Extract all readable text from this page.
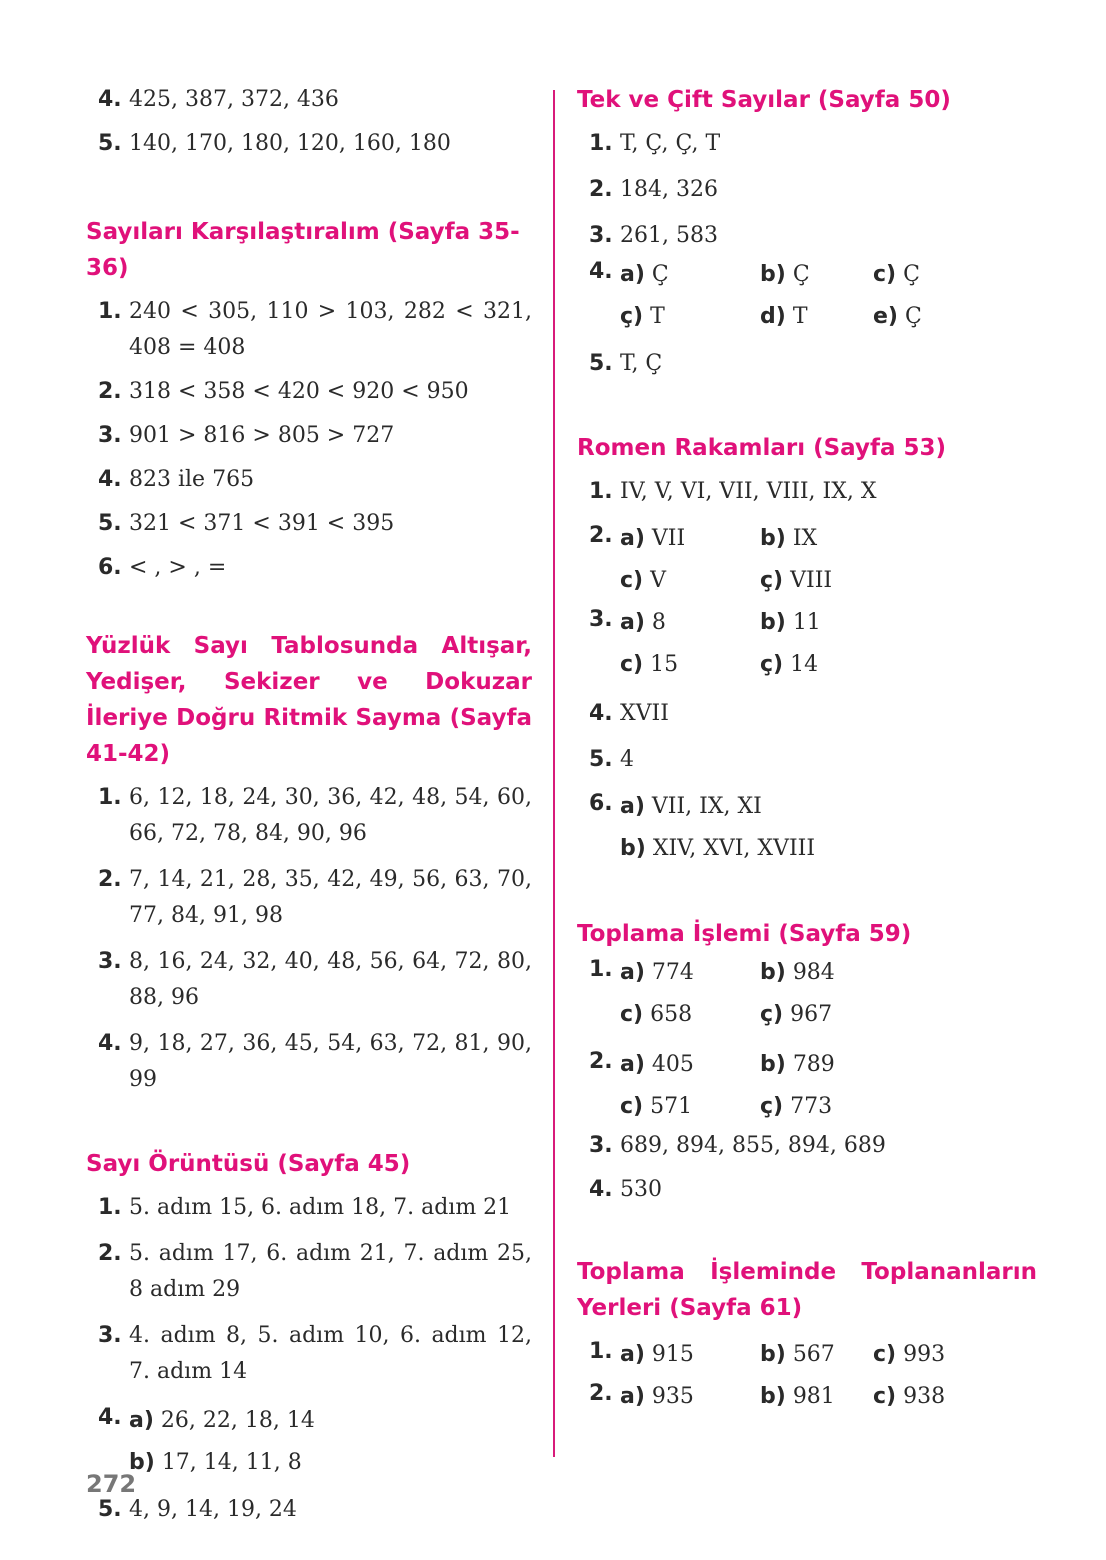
4. 425, 387, 372, 436
5. 140, 170, 180, 120, 160, 180
Sayıları Karşılaştıralım (Sayfa 35-36)
1. 240 < 305, 110 > 103, 282 < 321, 408 = 408
2. 318 < 358 < 420 < 920 < 950
3. 901 > 816 > 805 > 727
4. 823 ile 765
5. 321 < 371 < 391 < 395
6. < , > , =
Yüzlük Sayı Tablosunda Altışar, Yedişer, Sekizer ve Dokuzar İleriye Doğru Ritmik Sayma (Sayfa 41-42)
1. 6, 12, 18, 24, 30, 36, 42, 48, 54, 60, 66, 72, 78, 84, 90, 96
2. 7, 14, 21, 28, 35, 42, 49, 56, 63, 70, 77, 84, 91, 98
3. 8, 16, 24, 32, 40, 48, 56, 64, 72, 80, 88, 96
4. 9, 18, 27, 36, 45, 54, 63, 72, 81, 90, 99
Sayı Örüntüsü (Sayfa 45)
1. 5. adım 15, 6. adım 18, 7. adım 21
2. 5. adım 17, 6. adım 21, 7. adım 25, 8 adım 29
3. 4. adım 8, 5. adım 10, 6. adım 12, 7. adım 14
4. a) 26, 22, 18, 14
b) 17, 14, 11, 8
5. 4, 9, 14, 19, 24
Tek ve Çift Sayılar (Sayfa 50)
1. T, Ç, Ç, T
2. 184, 326
3. 261, 583
4. a) Ç	b) Ç	c) Ç
ç) T	d) T	e) Ç
5. T, Ç
Romen Rakamları (Sayfa 53)
1. IV, V, VI, VII, VIII, IX, X
2. a) VII	b) IX
c) V	ç) VIII
3. a) 8	b) 11
c) 15	ç) 14
4. XVII
5. 4
6. a) VII, IX, XI
b) XIV, XVI, XVIII
Toplama İşlemi (Sayfa 59)
1. a) 774	b) 984
c) 658	ç) 967
2. a) 405	b) 789
c) 571	ç) 773
3. 689, 894, 855, 894, 689
4. 530
Toplama İşleminde Toplananların Yerleri (Sayfa 61)
1. a) 915	b) 567	c) 993
2. a) 935	b) 981	c) 938
272
